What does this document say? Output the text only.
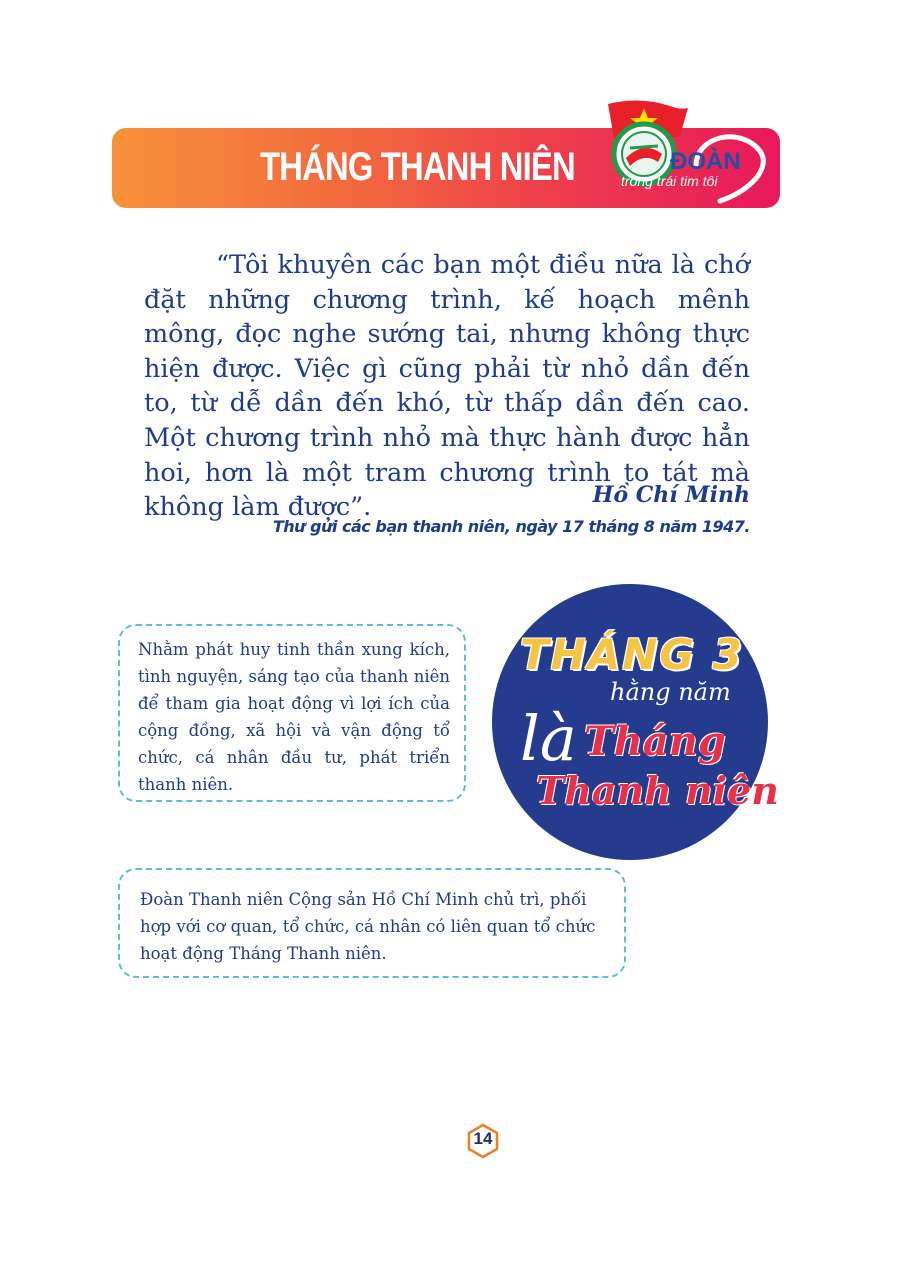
THÁNG THANH NIÊN	ĐOÀN
trong trái tim tôi

“Tôi khuyên các bạn một điều nữa là chớ đặt những chương trình, kế hoạch mênh mông, đọc nghe sướng tai, nhưng không thực hiện được. Việc gì cũng phải từ nhỏ dần đến to, từ dễ dần đến khó, từ thấp dần đến cao. Một chương trình nhỏ mà thực hành được hẳn hoi, hơn là một tram chương trình to tát mà không làm được”.	Hồ Chí Minh
Thư gửi các bạn thanh niên, ngày 17 tháng 8 năm 1947.

Nhằm phát huy tinh thần xung kích, tình nguyện, sáng tạo của thanh niên để tham gia hoạt động vì lợi ích của cộng đồng, xã hội và vận động tổ chức, cá nhân đầu tư, phát triển thanh niên.

THÁNG 3
hằng năm
là Tháng
Thanh niên

Đoàn Thanh niên Cộng sản Hồ Chí Minh chủ trì, phối hợp với cơ quan, tổ chức, cá nhân có liên quan tổ chức hoạt động Tháng Thanh niên.

14
